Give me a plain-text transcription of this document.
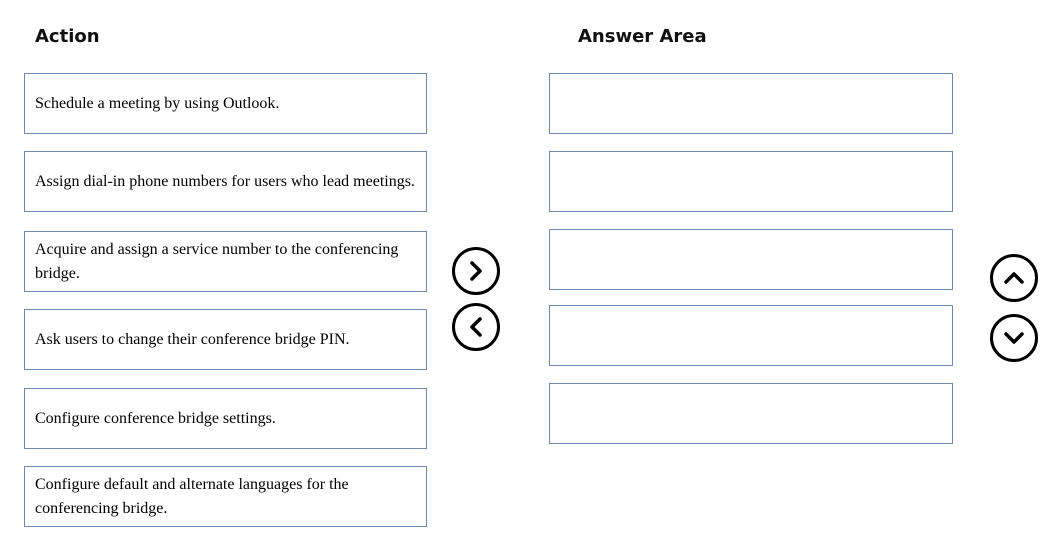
Action	Answer Area
Schedule a meeting by using Outlook.
Assign dial-in phone numbers for users who lead meetings.
Acquire and assign a service number to the conferencing bridge.
Ask users to change their conference bridge PIN.
Configure conference bridge settings.
Configure default and alternate languages for the conferencing bridge.
